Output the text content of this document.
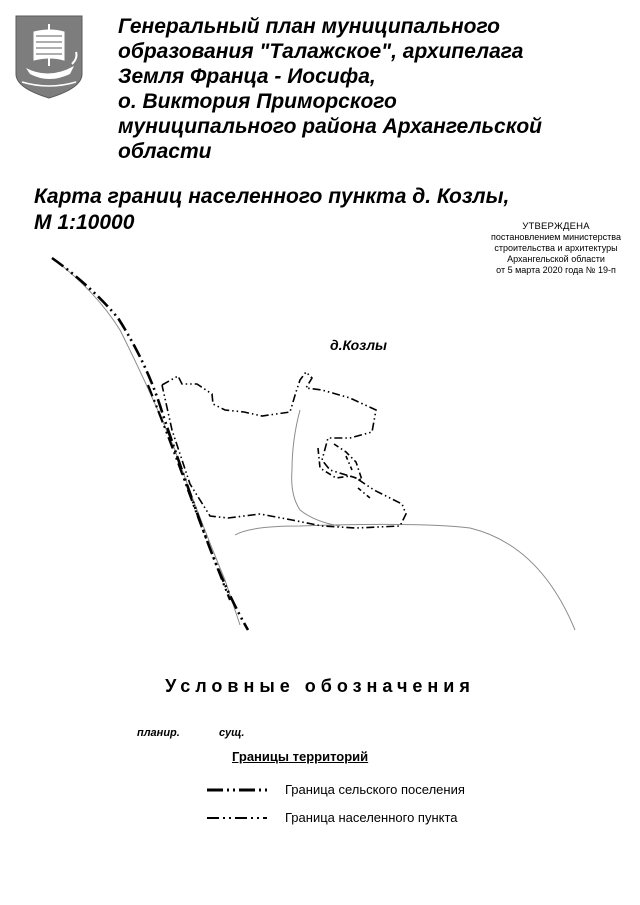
Генеральный план муниципального
образования "Талажское", архипелага
Земля Франца - Иосифа,
о. Виктория Приморского
муниципального района Архангельской
области
Карта границ населенного пункта д. Козлы,
М 1:10000	УТВЕРЖДЕНА
постановлением министерства
строительства и архитектуры
Архангельской области
от 5 марта 2020 года № 19-п
д.Козлы
Условные обозначения
планир.	сущ.
Границы территорий
Граница сельского поселения
Граница населенного пункта
